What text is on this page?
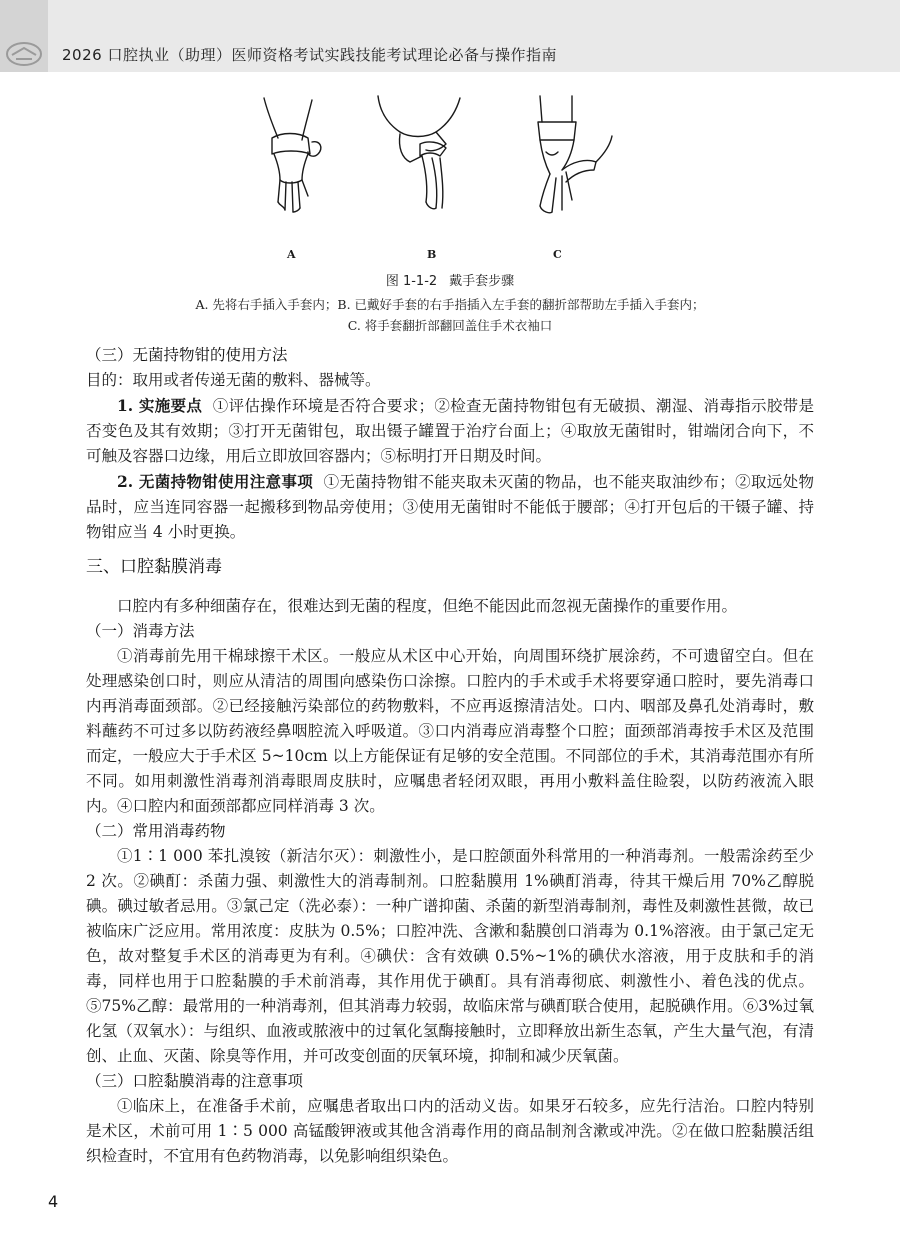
2026 口腔执业（助理）医师资格考试实践技能考试理论必备与操作指南
A	B	C
图 1-1-2 戴手套步骤
A. 先将右手插入手套内；B. 已戴好手套的右手指插入左手套的翻折部帮助左手插入手套内；
C. 将手套翻折部翻回盖住手术衣袖口

（三）无菌持物钳的使用方法

目的：取用或者传递无菌的敷料、器械等。

1. 实施要点 ①评估操作环境是否符合要求；②检查无菌持物钳包有无破损、潮湿、消毒指示胶带是否变色及其有效期；③打开无菌钳包，取出镊子罐置于治疗台面上；④取放无菌钳时，钳端闭合向下，不可触及容器口边缘，用后立即放回容器内；⑤标明打开日期及时间。

2. 无菌持物钳使用注意事项 ①无菌持物钳不能夹取未灭菌的物品，也不能夹取油纱布；②取远处物品时，应当连同容器一起搬移到物品旁使用；③使用无菌钳时不能低于腰部；④打开包后的干镊子罐、持物钳应当 4 小时更换。

三、口腔黏膜消毒

口腔内有多种细菌存在，很难达到无菌的程度，但绝不能因此而忽视无菌操作的重要作用。

（一）消毒方法

①消毒前先用干棉球擦干术区。一般应从术区中心开始，向周围环绕扩展涂药，不可遗留空白。但在处理感染创口时，则应从清洁的周围向感染伤口涂擦。口腔内的手术或手术将要穿通口腔时，要先消毒口内再消毒面颈部。②已经接触污染部位的药物敷料，不应再返擦清洁处。口内、咽部及鼻孔处消毒时，敷料蘸药不可过多以防药液经鼻咽腔流入呼吸道。③口内消毒应消毒整个口腔；面颈部消毒按手术区及范围而定，一般应大于手术区 5~10cm 以上方能保证有足够的安全范围。不同部位的手术，其消毒范围亦有所不同。如用刺激性消毒剂消毒眼周皮肤时，应嘱患者轻闭双眼，再用小敷料盖住睑裂，以防药液流入眼内。④口腔内和面颈部都应同样消毒 3 次。

（二）常用消毒药物

①1∶1 000 苯扎溴铵（新洁尔灭）：刺激性小，是口腔颌面外科常用的一种消毒剂。一般需涂药至少 2 次。②碘酊：杀菌力强、刺激性大的消毒制剂。口腔黏膜用 1%碘酊消毒，待其干燥后用 70%乙醇脱碘。碘过敏者忌用。③氯己定（洗必泰）：一种广谱抑菌、杀菌的新型消毒制剂，毒性及刺激性甚微，故已被临床广泛应用。常用浓度：皮肤为 0.5%；口腔冲洗、含漱和黏膜创口消毒为 0.1%溶液。由于氯己定无色，故对整复手术区的消毒更为有利。④碘伏：含有效碘 0.5%~1%的碘伏水溶液，用于皮肤和手的消毒，同样也用于口腔黏膜的手术前消毒，其作用优于碘酊。具有消毒彻底、刺激性小、着色浅的优点。⑤75%乙醇：最常用的一种消毒剂，但其消毒力较弱，故临床常与碘酊联合使用，起脱碘作用。⑥3%过氧化氢（双氧水）：与组织、血液或脓液中的过氧化氢酶接触时，立即释放出新生态氧，产生大量气泡，有清创、止血、灭菌、除臭等作用，并可改变创面的厌氧环境，抑制和减少厌氧菌。

（三）口腔黏膜消毒的注意事项

①临床上，在准备手术前，应嘱患者取出口内的活动义齿。如果牙石较多，应先行洁治。口腔内特别是术区，术前可用 1∶5 000 高锰酸钾液或其他含消毒作用的商品制剂含漱或冲洗。②在做口腔黏膜活组织检查时，不宜用有色药物消毒，以免影响组织染色。

4
